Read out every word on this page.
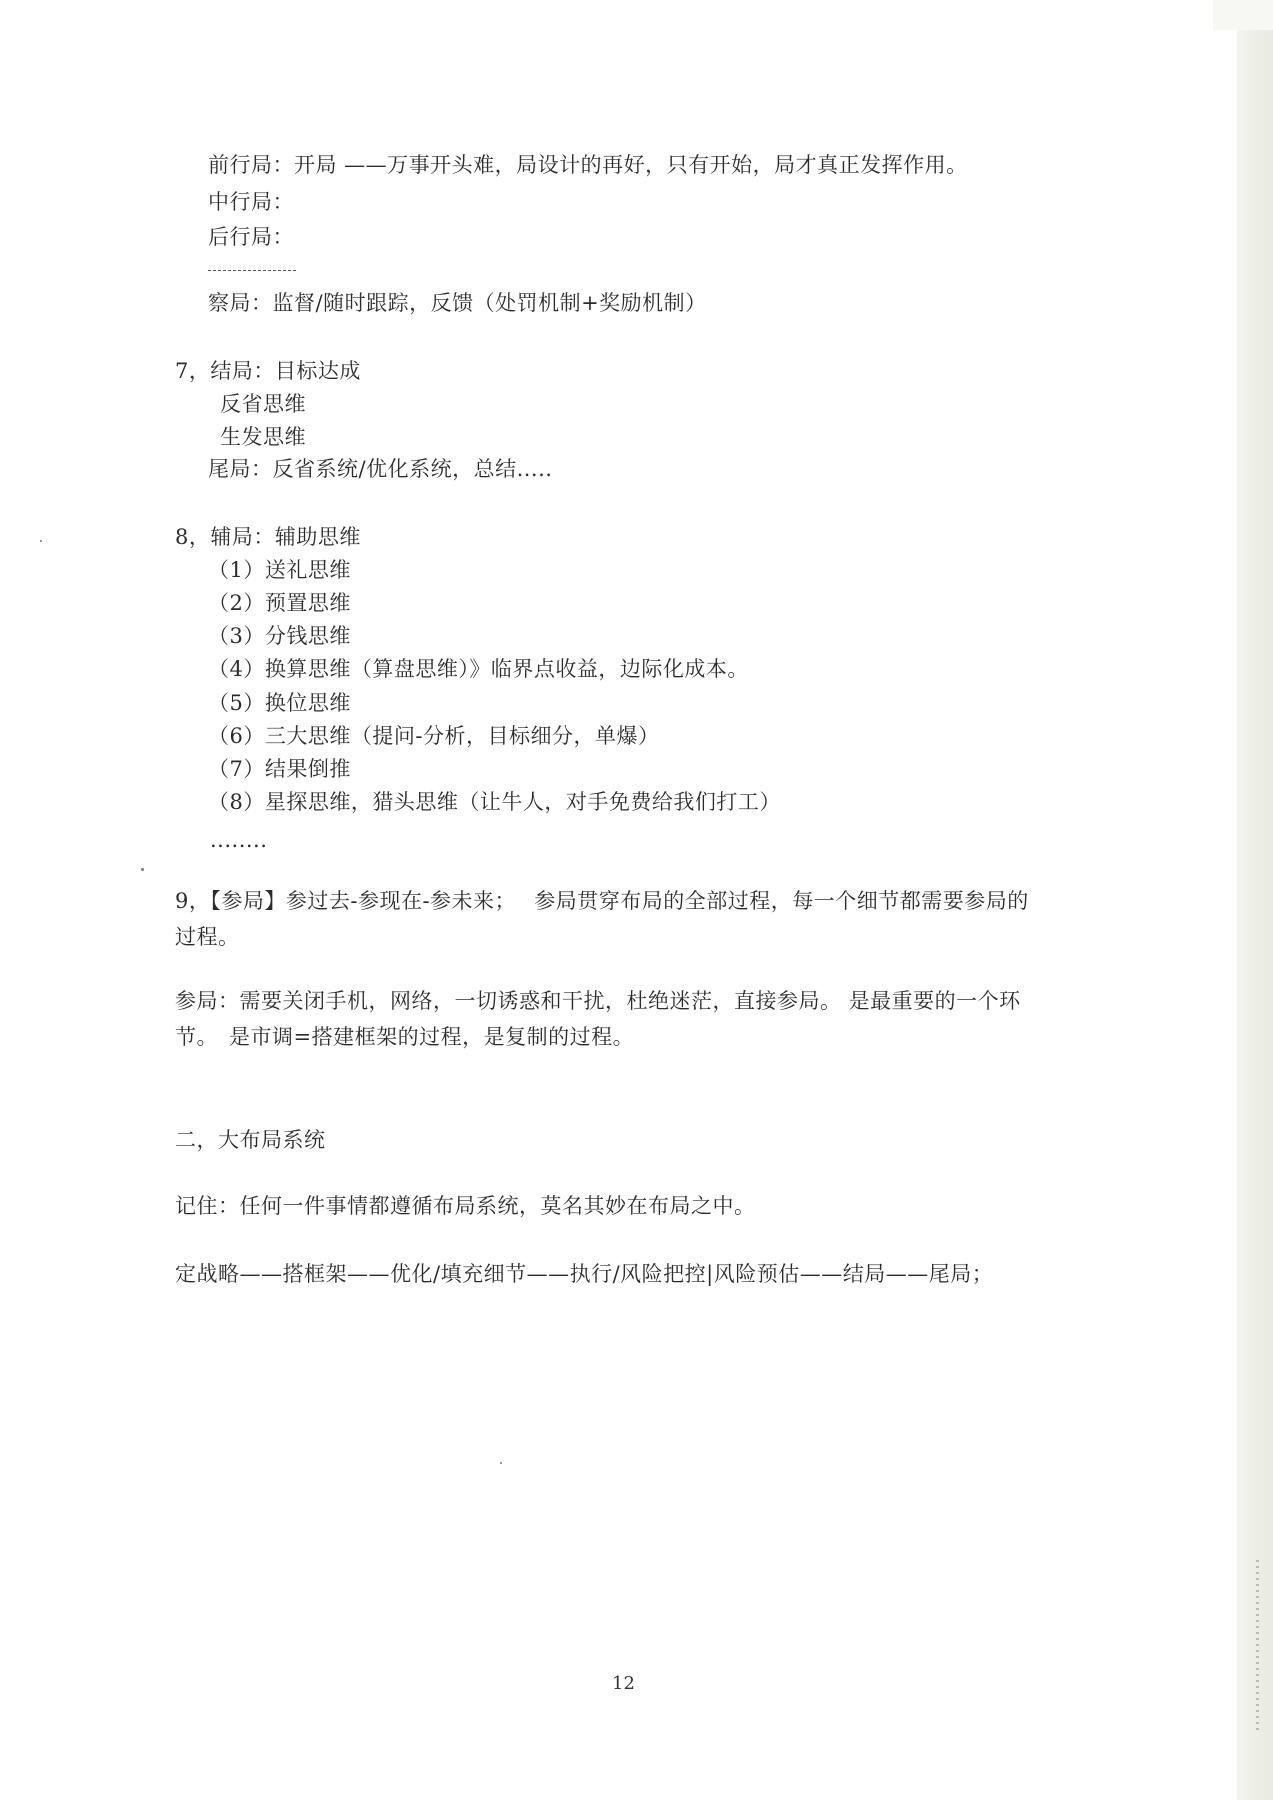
前行局：开局 ——万事开头难，局设计的再好，只有开始，局才真正发挥作用。
中行局：
后行局：
察局：监督/随时跟踪，反馈（处罚机制+奖励机制）
7，结局：目标达成
反省思维
生发思维
尾局：反省系统/优化系统，总结.....
8，辅局：辅助思维
（1）送礼思维
（2）预置思维
（3）分钱思维
（4）换算思维（算盘思维）》临界点收益，边际化成本。
（5）换位思维
（6）三大思维（提问-分析，目标细分，单爆）
（7）结果倒推
（8）星探思维，猎头思维（让牛人，对手免费给我们打工）
........
9，【参局】参过去-参现在-参未来；　 参局贯穿布局的全部过程，每一个细节都需要参局的
过程。
参局：需要关闭手机，网络，一切诱惑和干扰，杜绝迷茫，直接参局。 是最重要的一个环
节。　是市调=搭建框架的过程，是复制的过程。
二，大布局系统
记住：任何一件事情都遵循布局系统，莫名其妙在布局之中。
定战略——搭框架——优化/填充细节——执行/风险把控|风险预估——结局——尾局；
12
